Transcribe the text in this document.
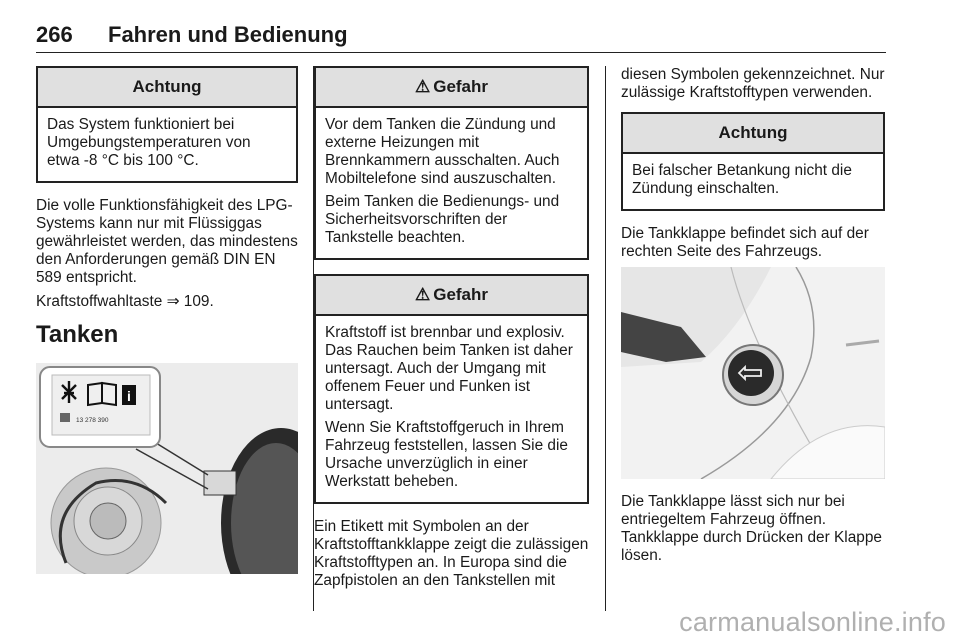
266 Fahren und Bedienung
Achtung

Das System funktioniert bei Umgebungstemperaturen von etwa -8 °C bis 100 °C.

Die volle Funktionsfähigkeit des LPG-Systems kann nur mit Flüssiggas gewährleistet werden, das mindestens den Anforderungen gemäß DIN EN 589 entspricht.

Kraftstoffwahltaste ⇒ 109.

Tanken
i
13 278 390
⚠ Gefahr

Vor dem Tanken die Zündung und externe Heizungen mit Brennkammern ausschalten. Auch Mobiltelefone sind auszuschalten.

Beim Tanken die Bedienungs- und Sicherheitsvorschriften der Tankstelle beachten.

⚠ Gefahr

Kraftstoff ist brennbar und explosiv. Das Rauchen beim Tanken ist daher untersagt. Auch der Umgang mit offenem Feuer und Funken ist untersagt.

Wenn Sie Kraftstoffgeruch in Ihrem Fahrzeug feststellen, lassen Sie die Ursache unverzüglich in einer Werkstatt beheben.

Ein Etikett mit Symbolen an der Kraftstofftankklappe zeigt die zulässigen Kraftstofftypen an. In Europa sind die Zapfpistolen an den Tankstellen mit

diesen Symbolen gekennzeichnet. Nur zulässige Kraftstofftypen verwenden.

Achtung

Bei falscher Betankung nicht die Zündung einschalten.

Die Tankklappe befindet sich auf der rechten Seite des Fahrzeugs.

Die Tankklappe lässt sich nur bei entriegeltem Fahrzeug öffnen. Tankklappe durch Drücken der Klappe lösen.

carmanualsonline.info
